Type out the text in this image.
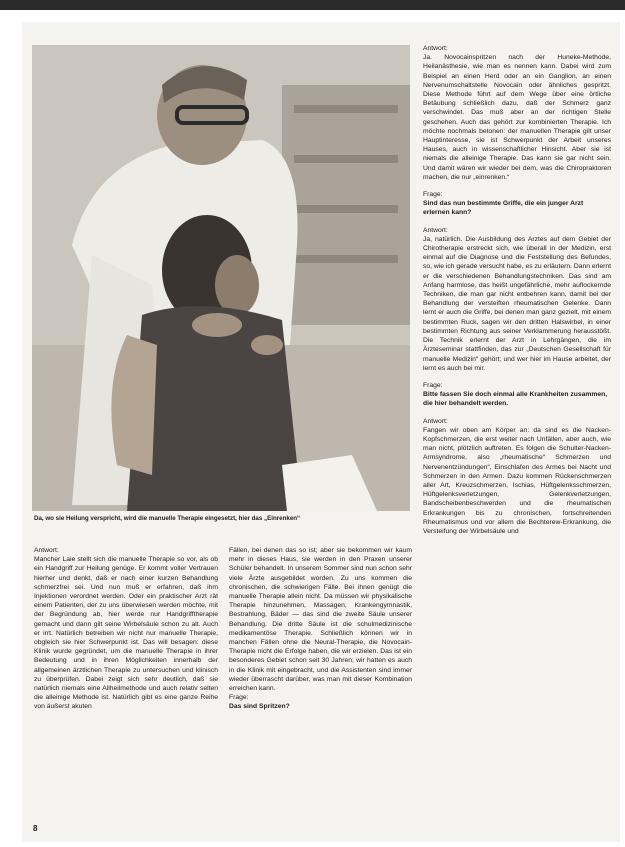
Da, wo sie Heilung verspricht, wird die manuelle Therapie eingesetzt, hier das „Einrenken“
Antwort:

Mancher Laie stellt sich die manuelle Therapie so vor, als ob ein Handgriff zur Heilung genüge. Er kommt voller Vertrauen hierher und denkt, daß er nach einer kurzen Behandlung schmerzfrei sei. Und nun muß er erfahren, daß ihm Injektionen verordnet werden. Oder ein praktischer Arzt rät einem Patienten, der zu uns überwiesen werden möchte, mit der Begründung ab, hier werde nur Handgrifftherapie gemacht und dann gilt seine Wirbelsäule schon zu alt. Auch er irrt. Natürlich betreiben wir nicht nur manuelle Therapie, obgleich sie hier Schwerpunkt ist. Das will besagen: diese Klinik wurde gegründet, um die manuelle Therapie in ihrer Bedeutung und in ihren Möglichkeiten innerhalb der allgemeinen ärztlichen Therapie zu untersuchen und klinisch zu überprüfen. Dabei zeigt sich sehr deutlich, daß sie natürlich niemals eine Allheilmethode und auch relativ selten die alleinige Methode ist. Natürlich gibt es eine ganze Reihe von äußerst akuten

Fällen, bei denen das so ist; aber sie bekommen wir kaum mehr in dieses Haus, sie werden in den Praxen unserer Schüler behandelt. In unserem Sommer sind nun schon sehr viele Ärzte ausgebildet worden. Zu uns kommen die chronischen, die schwierigen Fälle. Bei ihnen genügt die manuelle Therapie allein nicht. Da müssen wir physikalische Therapie hinzunehmen, Massagen, Krankengymnastik, Bestrahlung, Bäder — das sind die zweite Säule unserer Behandlung. Die dritte Säule ist die schulmedizinische medikamentöse Therapie. Schließlich können wir in manchen Fällen ohne die Neural-Therapie, die Novocain-Therapie nicht die Erfolge haben, die wir erzielen. Das ist ein besonderes Gebiet schon seit 30 Jahren; wir hatten es auch in die Klinik mit eingebracht, und die Assistenten sind immer wieder überrascht darüber, was man mit dieser Kombination erreichen kann.

Frage:
Das sind Spritzen?
Antwort:

Ja. Novocainspritzen nach der Huneke-Methode, Heilanästhesie, wie man es nennen kann. Dabei wird zum Beispiel an einen Herd oder an ein Ganglion, an einen Nervenumschaltstelle Novocain oder ähnliches gespritzt. Diese Methode führt auf dem Wege über eine örtliche Betäubung schließlich dazu, daß der Schmerz ganz verschwindet. Das muß aber an der richtigen Stelle geschehen. Auch das gehört zur kombinierten Therapie. Ich möchte nochmals betonen: der manuellen Therapie gilt unser Hauptinteresse, sie ist Schwerpunkt der Arbeit unseres Hauses, auch in wissenschaftlicher Hinsicht. Aber sie ist niemals die alleinige Therapie. Das kann sie gar nicht sein. Und damit wären wir wieder bei dem, was die Chiropraktoren machen, die nur „einrenken.“

Frage:
Sind das nun bestimmte Griffe, die ein junger Arzt erlernen kann?
Antwort:

Ja, natürlich. Die Ausbildung des Arztes auf dem Gebiet der Chirotherapie erstreckt sich, wie überall in der Medizin, erst einmal auf die Diagnose und die Feststellung des Befundes, so, wie ich gerade versucht habe, es zu erläutern. Dann erlernt er die verschiedenen Behandlungstechniken. Das sind am Anfang harmlose, das heißt ungefährliche, mehr auflockernde Techniken, die man gar nicht entbehren kann, damit bei der Behandlung der versteiften rheumatischen Gelenke. Dann lernt er auch die Griffe, bei denen man ganz gezielt, mit einem bestimmten Ruck, sagen wir den dritten Halswirbel, in einer bestimmten Richtung aus seiner Verklammerung herausstößt. Die Technik erlernt der Arzt in Lehrgängen, die im Ärzteseminar stattfinden, das zur „Deutschen Gesellschaft für manuelle Medizin“ gehört; und wer hier im Hause arbeitet, der lernt es auch bei mir.

Frage:
Bitte fassen Sie doch einmal alle Krankheiten zusammen, die hier behandelt werden.
Antwort:

Fangen wir oben am Körper an: da sind es die Nacken-Kopfschmerzen, die erst weiter nach Unfällen, aber auch, wie man nicht, plötzlich auftreten. Es folgen die Schulter-Nacken-Armsyndrome, also „rheumatische“ Schmerzen und Nervenentzündungen“, Einschlafen des Armes bei Nacht und Schmerzen in den Armen. Dazu kommen Rückenschmerzen aller Art, Kreuzschmerzen, Ischias, Hüftgelenksschmerzen, Hüftgelenksverletzungen, Gelenkverletzungen, Bandscheibenbeschwerden und die rheumatischen Erkrankungen bis zu chronischen, fortschreitenden Rheumatismus und vor allem die Bechterew-Erkrankung, die Versteifung der Wirbelsäule und

8
